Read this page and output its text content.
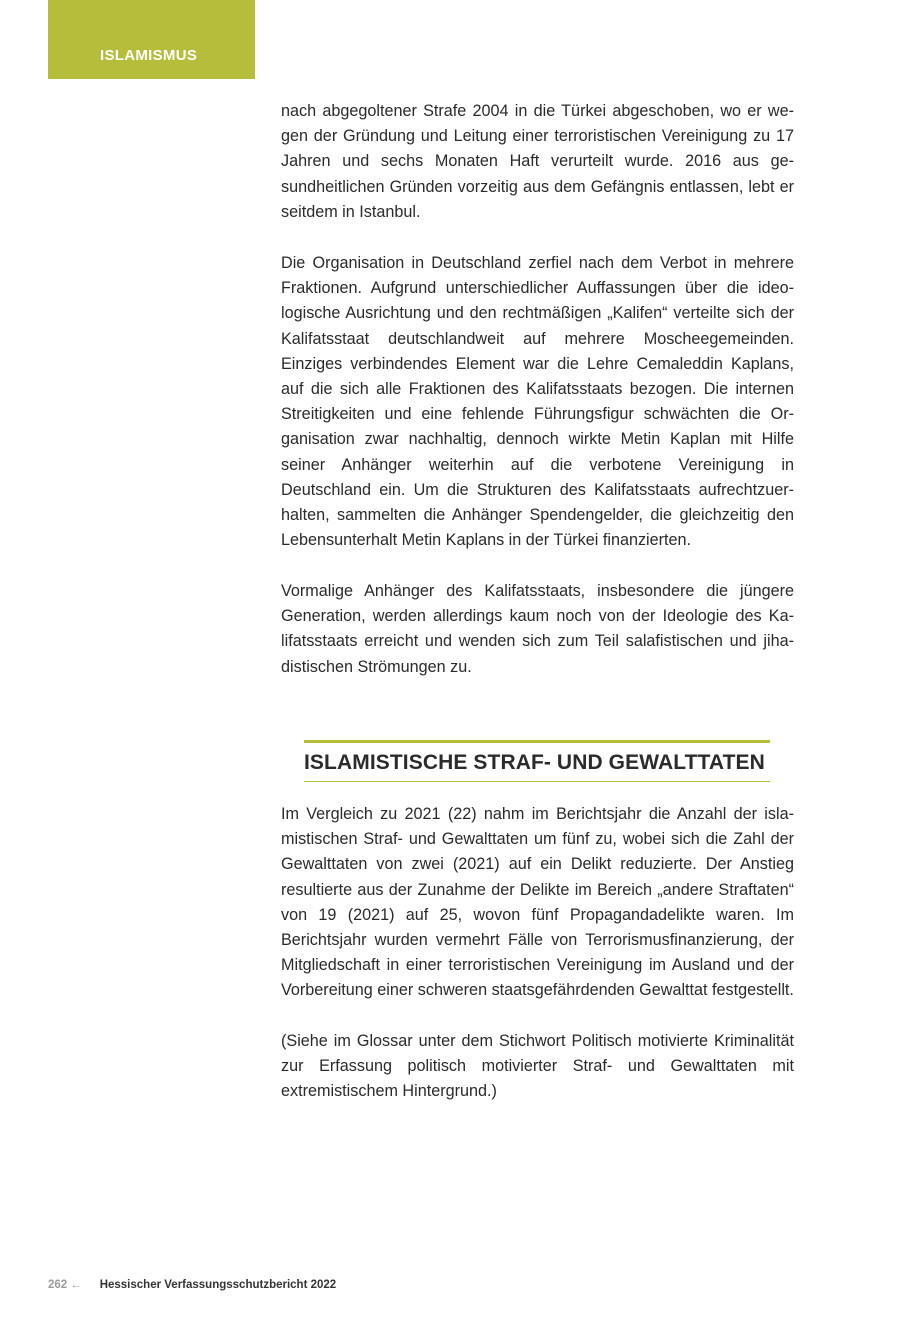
ISLAMISMUS

nach abgegoltener Strafe 2004 in die Türkei abgeschoben, wo er wegen der Gründung und Leitung einer terroristischen Vereinigung zu 17 Jahren und sechs Monaten Haft verurteilt wurde. 2016 aus gesundheitlichen Gründen vorzeitig aus dem Gefängnis entlassen, lebt er seitdem in Istanbul.

Die Organisation in Deutschland zerfiel nach dem Verbot in mehrere Fraktionen. Aufgrund unterschiedlicher Auffassungen über die ideologische Ausrichtung und den rechtmäßigen „Kalifen“ verteilte sich der Kalifatsstaat deutschlandweit auf mehrere Moscheegemeinden. Einziges verbindendes Element war die Lehre Cemaleddin Kaplans, auf die sich alle Fraktionen des Kalifatsstaats bezogen. Die internen Streitigkeiten und eine fehlende Führungsfigur schwächten die Organisation zwar nachhaltig, dennoch wirkte Metin Kaplan mit Hilfe seiner Anhänger weiterhin auf die verbotene Vereinigung in Deutschland ein. Um die Strukturen des Kalifatsstaats aufrechtzuerhalten, sammelten die Anhänger Spendengelder, die gleichzeitig den Lebensunterhalt Metin Kaplans in der Türkei finanzierten.

Vormalige Anhänger des Kalifatsstaats, insbesondere die jüngere Generation, werden allerdings kaum noch von der Ideologie des Kalifatsstaats erreicht und wenden sich zum Teil salafistischen und jihadistischen Strömungen zu.

ISLAMISTISCHE STRAF- UND GEWALTTATEN

Im Vergleich zu 2021 (22) nahm im Berichtsjahr die Anzahl der islamistischen Straf- und Gewalttaten um fünf zu, wobei sich die Zahl der Gewalttaten von zwei (2021) auf ein Delikt reduzierte. Der Anstieg resultierte aus der Zunahme der Delikte im Bereich „andere Straftaten“ von 19 (2021) auf 25, wovon fünf Propagandadelikte waren. Im Berichtsjahr wurden vermehrt Fälle von Terrorismusfinanzierung, der Mitgliedschaft in einer terroristischen Vereinigung im Ausland und der Vorbereitung einer schweren staatsgefährdenden Gewalttat festgestellt.

(Siehe im Glossar unter dem Stichwort Politisch motivierte Kriminalität zur Erfassung politisch motivierter Straf- und Gewalttaten mit extremistischem Hintergrund.)

262 ← Hessischer Verfassungsschutzbericht 2022
